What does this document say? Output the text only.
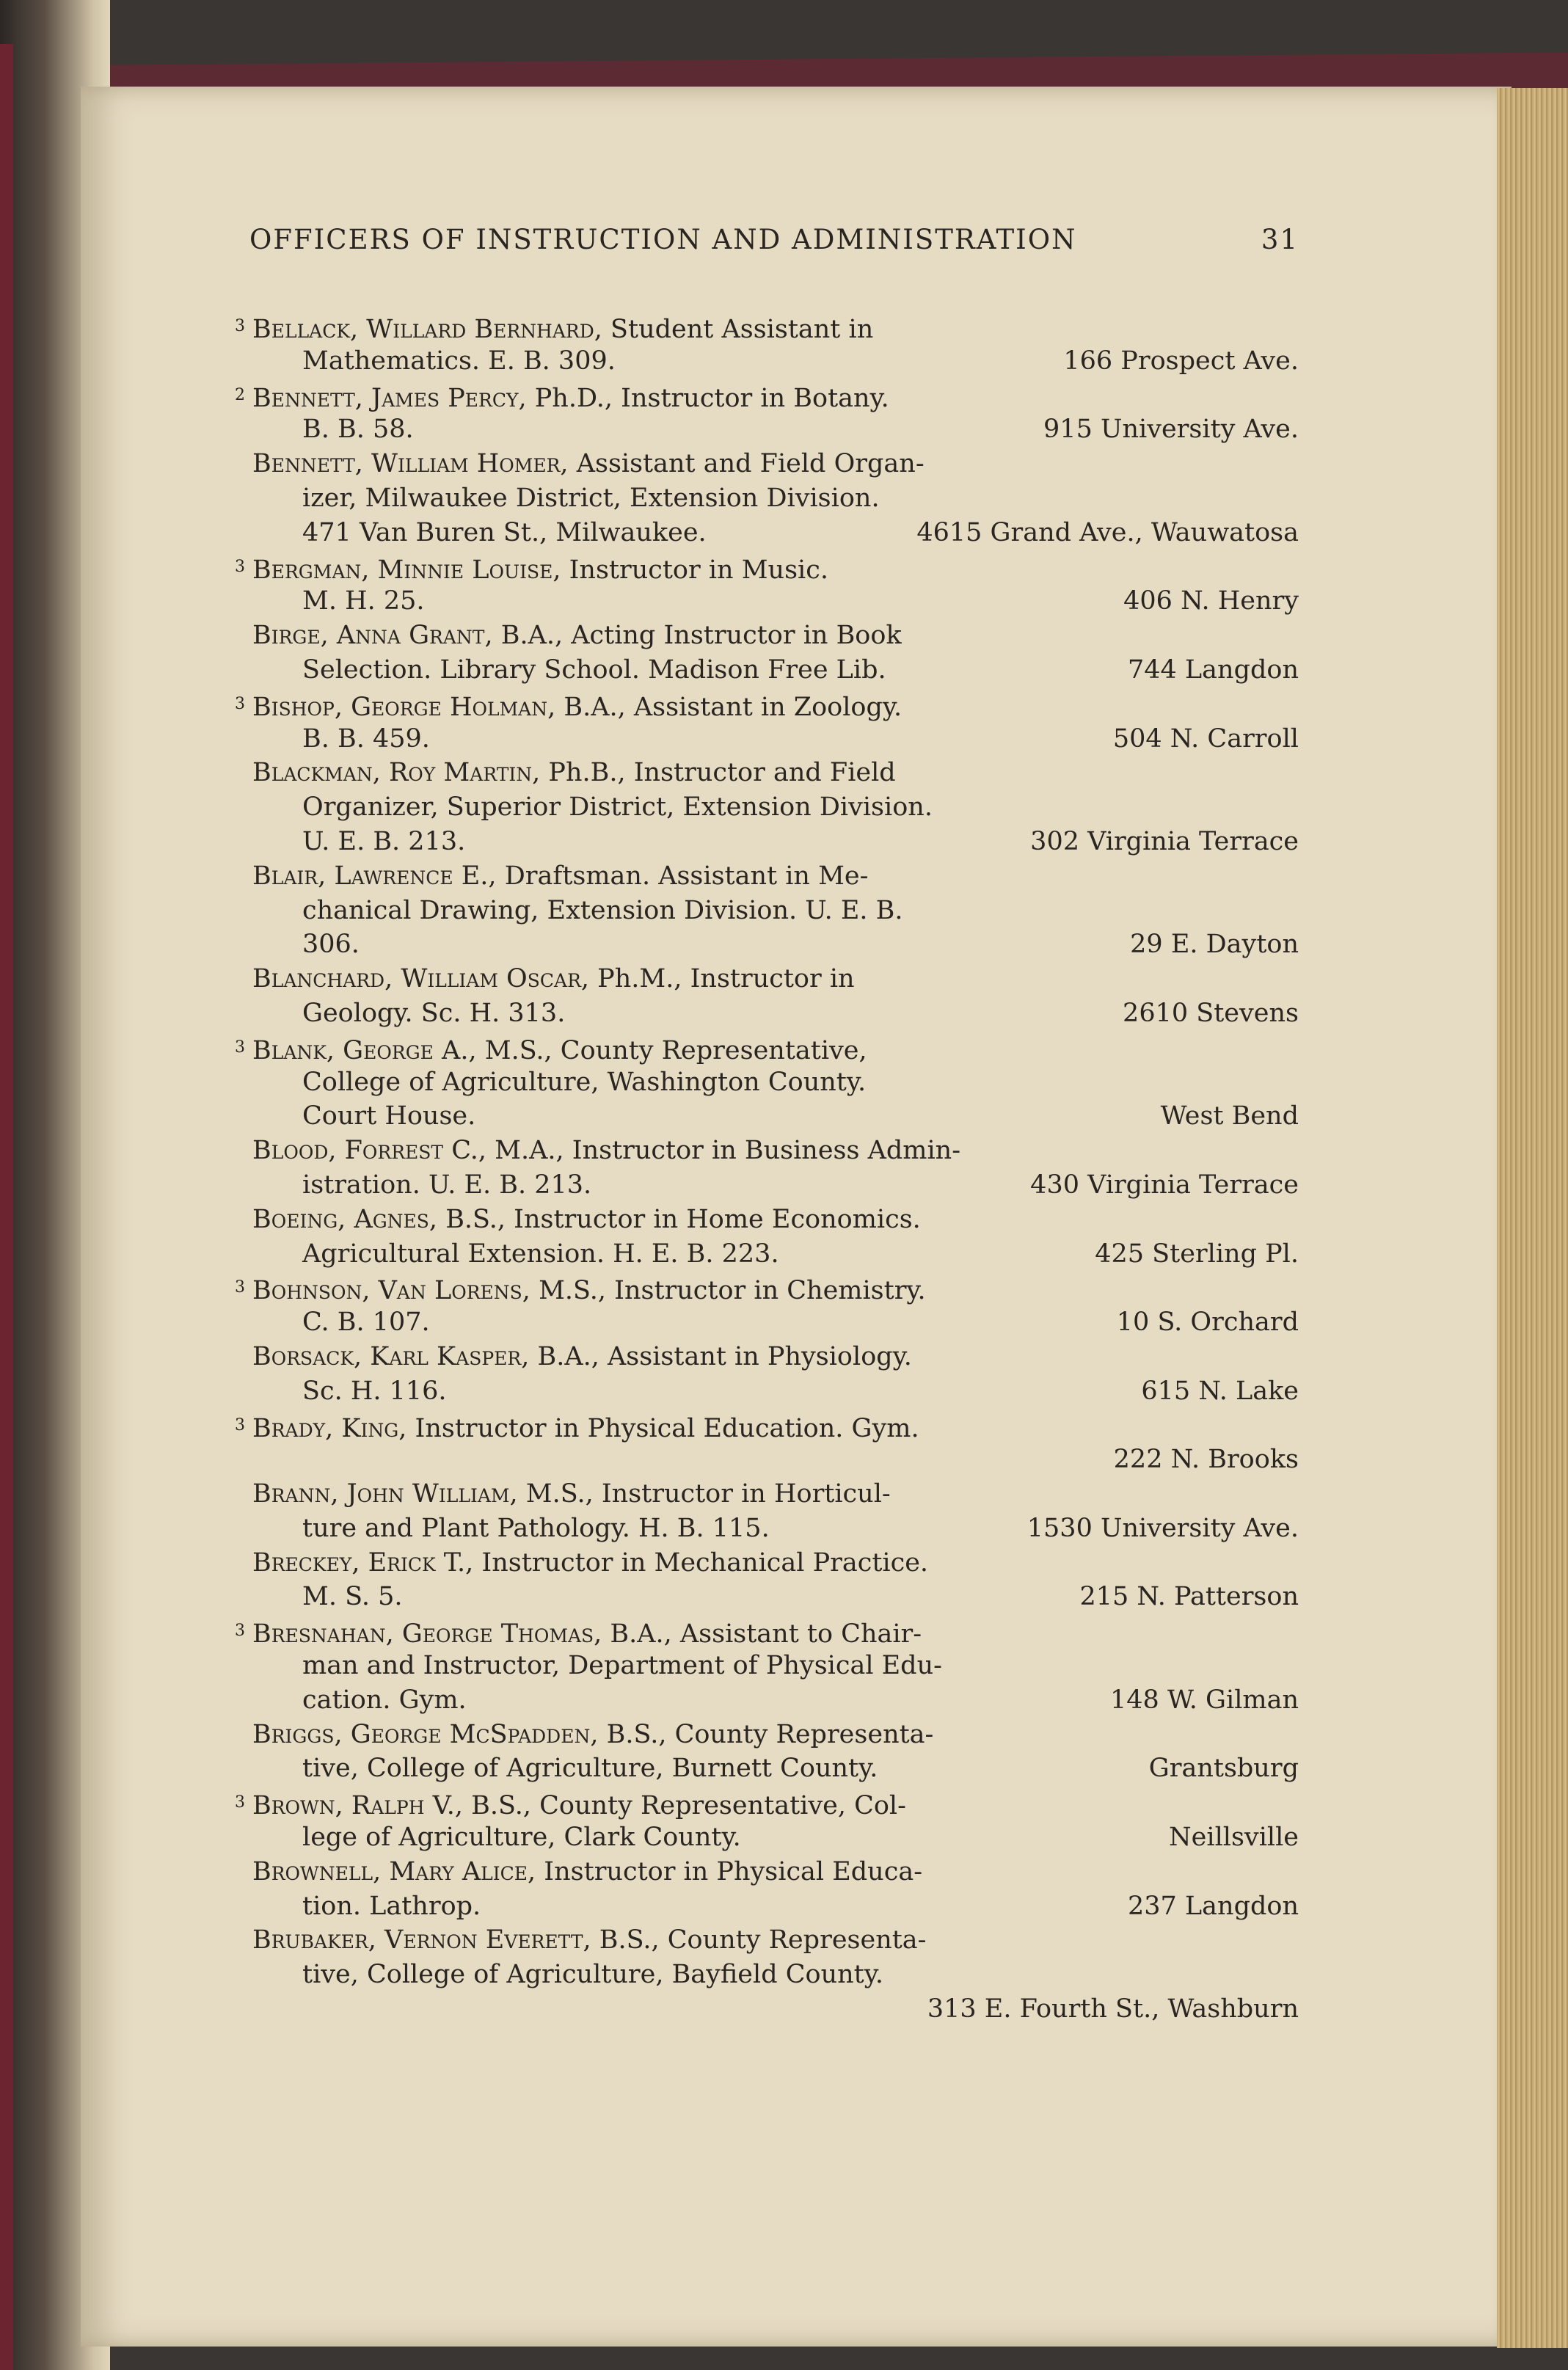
OFFICERS OF INSTRUCTION AND ADMINISTRATION	31
3 Bellack, Willard Bernhard, Student Assistant in
Mathematics. E. B. 309.	166 Prospect Ave.
2 Bennett, James Percy, Ph.D., Instructor in Botany.
B. B. 58.	915 University Ave.
Bennett, William Homer, Assistant and Field Organ-
izer, Milwaukee District, Extension Division.
471 Van Buren St., Milwaukee.	4615 Grand Ave., Wauwatosa
3 Bergman, Minnie Louise, Instructor in Music.
M. H. 25.	406 N. Henry
Birge, Anna Grant, B.A., Acting Instructor in Book
Selection. Library School. Madison Free Lib.	744 Langdon
3 Bishop, George Holman, B.A., Assistant in Zoology.
B. B. 459.	504 N. Carroll
Blackman, Roy Martin, Ph.B., Instructor and Field
Organizer, Superior District, Extension Division.
U. E. B. 213.	302 Virginia Terrace
Blair, Lawrence E., Draftsman. Assistant in Me-
chanical Drawing, Extension Division. U. E. B.
306.	29 E. Dayton
Blanchard, William Oscar, Ph.M., Instructor in
Geology. Sc. H. 313.	2610 Stevens
3 Blank, George A., M.S., County Representative,
College of Agriculture, Washington County.
Court House.	West Bend
Blood, Forrest C., M.A., Instructor in Business Admin-
istration. U. E. B. 213.	430 Virginia Terrace
Boeing, Agnes, B.S., Instructor in Home Economics.
Agricultural Extension. H. E. B. 223.	425 Sterling Pl.
3 Bohnson, Van Lorens, M.S., Instructor in Chemistry.
C. B. 107.	10 S. Orchard
Borsack, Karl Kasper, B.A., Assistant in Physiology.
Sc. H. 116.	615 N. Lake
3 Brady, King, Instructor in Physical Education. Gym.
222 N. Brooks
Brann, John William, M.S., Instructor in Horticul-
ture and Plant Pathology. H. B. 115.	1530 University Ave.
Breckey, Erick T., Instructor in Mechanical Practice.
M. S. 5.	215 N. Patterson
3 Bresnahan, George Thomas, B.A., Assistant to Chair-
man and Instructor, Department of Physical Edu-
cation. Gym.	148 W. Gilman
Briggs, George McSpadden, B.S., County Representa-
tive, College of Agriculture, Burnett County.	Grantsburg
3 Brown, Ralph V., B.S., County Representative, Col-
lege of Agriculture, Clark County.	Neillsville
Brownell, Mary Alice, Instructor in Physical Educa-
tion. Lathrop.	237 Langdon
Brubaker, Vernon Everett, B.S., County Representa-
tive, College of Agriculture, Bayfield County.
313 E. Fourth St., Washburn
